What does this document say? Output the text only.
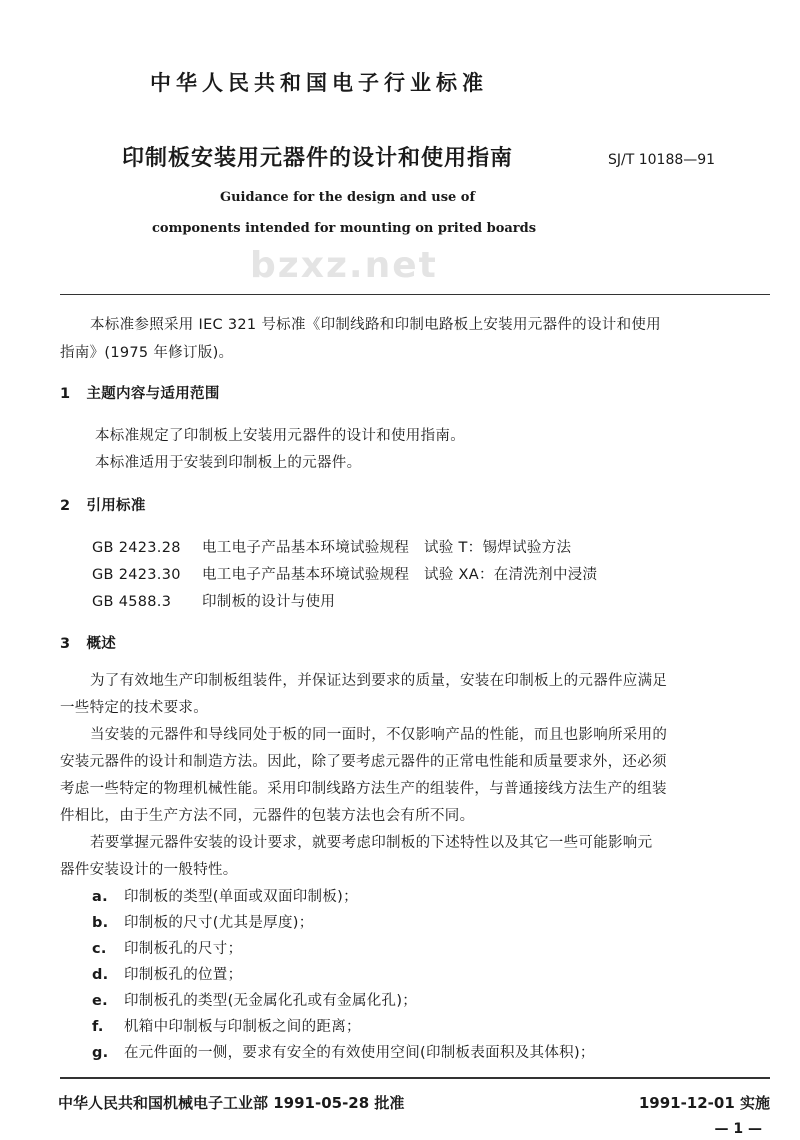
中华人民共和国电子行业标准
印制板安装用元器件的设计和使用指南	SJ/T 10188—91
Guidance for the design and use of
components intended for mounting on prited boards
bzxz.net
本标准参照采用 IEC 321 号标准《印制线路和印制电路板上安装用元器件的设计和使用
指南》(1975 年修订版)。
1 主题内容与适用范围
本标准规定了印制板上安装用元器件的设计和使用指南。
本标准适用于安装到印制板上的元器件。
2 引用标准
GB 2423.28 电工电子产品基本环境试验规程　试验 T：锡焊试验方法
GB 2423.30 电工电子产品基本环境试验规程　试验 XA：在清洗剂中浸渍
GB 4588.3 印制板的设计与使用
3 概述
为了有效地生产印制板组装件，并保证达到要求的质量，安装在印制板上的元器件应满足
一些特定的技术要求。
当安装的元器件和导线同处于板的同一面时，不仅影响产品的性能，而且也影响所采用的
安装元器件的设计和制造方法。因此，除了要考虑元器件的正常电性能和质量要求外，还必须
考虑一些特定的物理机械性能。采用印制线路方法生产的组装件，与普通接线方法生产的组装
件相比，由于生产方法不同，元器件的包装方法也会有所不同。
若要掌握元器件安装的设计要求，就要考虑印制板的下述特性以及其它一些可能影响元
器件安装设计的一般特性。
a. 印制板的类型(单面或双面印制板)；
b. 印制板的尺寸(尤其是厚度)；
c. 印制板孔的尺寸；
d. 印制板孔的位置；
e. 印制板孔的类型(无金属化孔或有金属化孔)；
f. 机箱中印制板与印制板之间的距离；
g. 在元件面的一侧，要求有安全的有效使用空间(印制板表面积及其体积)；
中华人民共和国机械电子工业部 1991-05-28 批准	1991-12-01 实施
— 1 —
